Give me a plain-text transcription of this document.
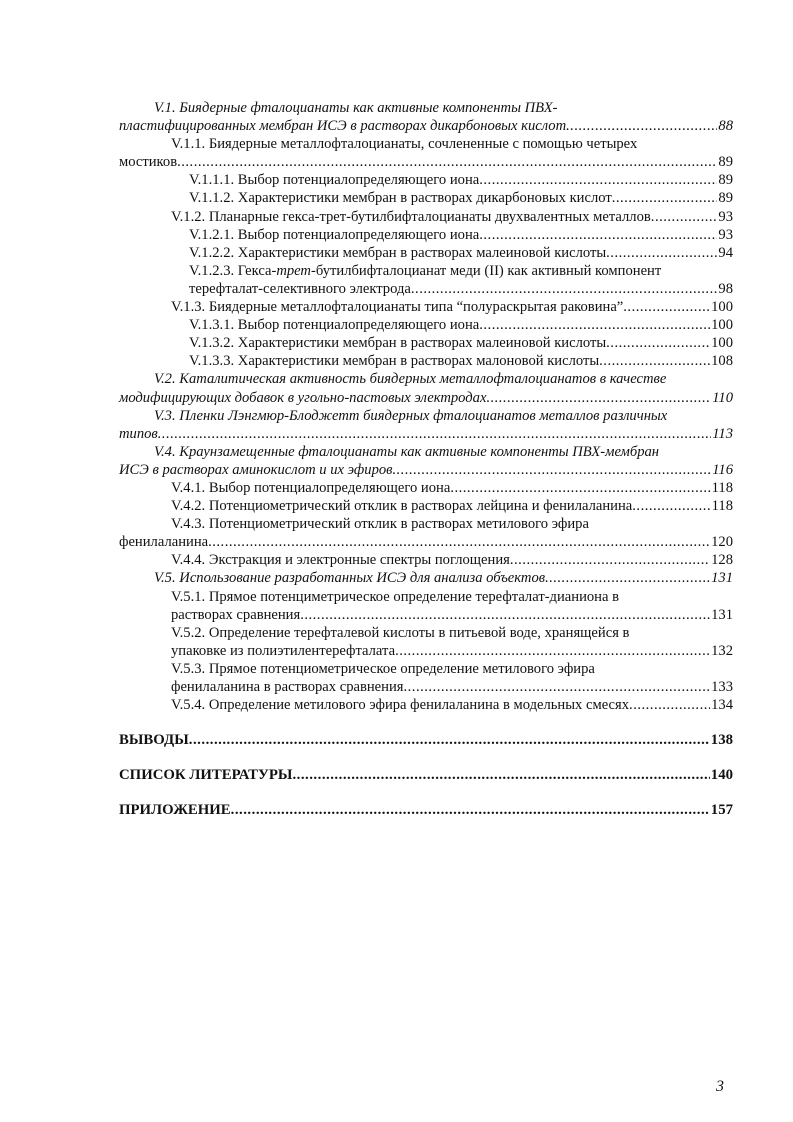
V.1. Биядерные фталоцианаты как активные компоненты ПВХ-
пластифицированных мембран ИСЭ в растворах дикарбоновых кислот .....	88
V.1.1. Биядерные металлофталоцианаты, сочлененные с помощью четырех
мостиков .....	89
V.1.1.1. Выбор потенциалопределяющего иона .....	89
V.1.1.2. Характеристики мембран в растворах дикарбоновых кислот .....	89
V.1.2. Планарные гекса-трет-бутилбифталоцианаты двухвалентных металлов .....	93
V.1.2.1. Выбор потенциалопределяющего иона .....	93
V.1.2.2. Характеристики мембран в растворах малеиновой кислоты .....	94
V.1.2.3. Гекса-трет-бутилбифталоцианат меди (II) как активный компонент
терефталат-селективного электрода .....	98
V.1.3. Биядерные металлофталоцианаты типа “полураскрытая раковина” .....	100
V.1.3.1. Выбор потенциалопределяющего иона .....	100
V.1.3.2. Характеристики мембран в растворах малеиновой кислоты .....	100
V.1.3.3. Характеристики мембран в растворах малоновой кислоты .....	108
V.2. Каталитическая активность биядерных металлофталоцианатов в качестве
модифицирующих добавок в угольно-пастовых электродах .....	110
V.3. Пленки Лэнгмюр-Блоджетт биядерных фталоцианатов металлов различных
типов .....	113
V.4. Краунзамещенные фталоцианаты как активные компоненты ПВХ-мембран
ИСЭ в растворах аминокислот и их эфиров .....	116
V.4.1. Выбор потенциалопределяющего иона .....	118
V.4.2. Потенциометрический отклик в растворах лейцина и фенилаланина .....	118
V.4.3. Потенциометрический отклик в растворах метилового эфира
фенилаланина .....	120
V.4.4. Экстракция и электронные спектры поглощения .....	128
V.5. Использование разработанных ИСЭ для анализа объектов .....	131
V.5.1. Прямое потенциметрическое определение терефталат-дианиона в
растворах сравнения .....	131
V.5.2. Определение терефталевой кислоты в питьевой воде, хранящейся в
упаковке из полиэтилентерефталата .....	132
V.5.3. Прямое потенциометрическое определение метилового эфира
фенилаланина в растворах сравнения .....	133
V.5.4. Определение метилового эфира фенилаланина в модельных смесях .....	134
ВЫВОДЫ .....	138
СПИСОК ЛИТЕРАТУРЫ .....	140
ПРИЛОЖЕНИЕ .....	157
3
